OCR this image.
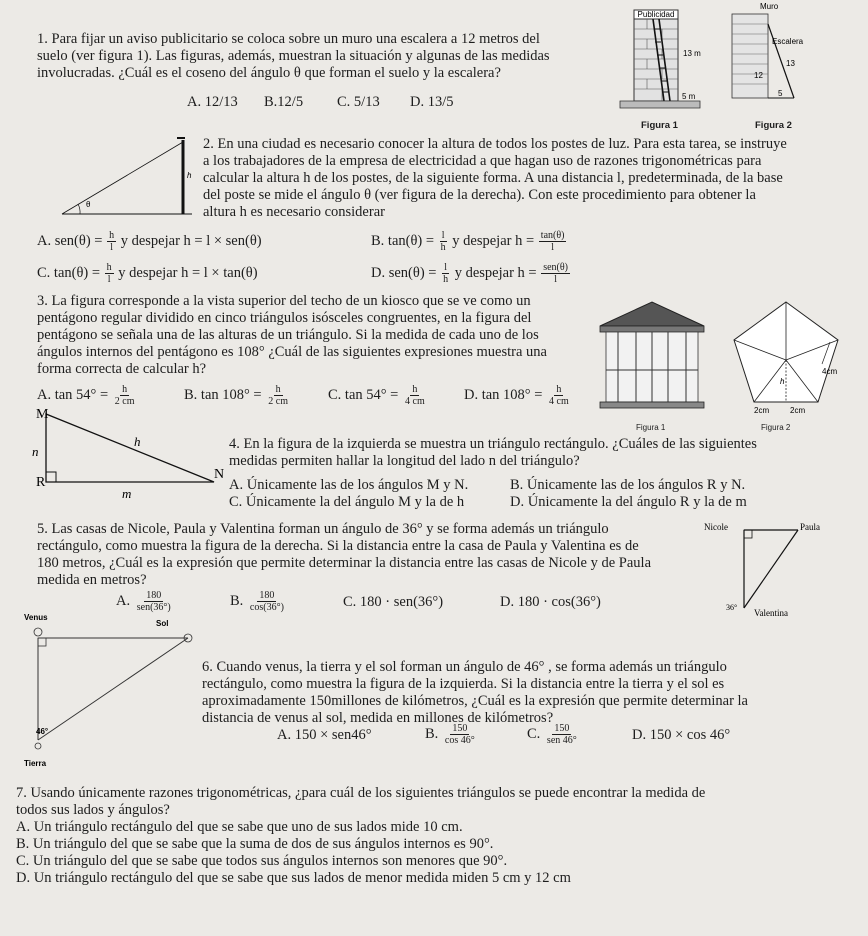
1. Para fijar un aviso publicitario se coloca sobre un muro una escalera a 12 metros del
suelo (ver figura 1). Las figuras, además, muestran la situación y algunas de las medidas
involucradas. ¿Cuál es el coseno del ángulo θ que forman el suelo y la escalera?
A. 12/13 B.12/5 C. 5/13 D. 13/5
Publicidad
13 m
5 m
Figura 1
Muro
Escalera
13
12
5
Figura 2
θ
h
2. En una ciudad es necesario conocer la altura de todos los postes de luz. Para esta tarea, se instruye
a los trabajadores de la empresa de electricidad a que hagan uso de razones trigonométricas para
calcular la altura h de los postes, de la siguiente forma. A una distancia l, predeterminada, de la base
del poste se mide el ángulo θ (ver figura de la derecha). Con este procedimiento para obtener la
altura h es necesario considerar
A. $sen(\theta) = \frac{h}{l}$ y despejar h = l × sen(θ)	B. $\tan(\theta) = \frac{l}{h}$ y despejar $h = \frac{\tan(\theta)}{l}$
C. $\tan(\theta) = \frac{h}{l}$ y despejar h = l × tan(θ)	D. $sen(\theta) = \frac{l}{h}$ y despejar $h = \frac{\text{sen(θ)}}{l}$
3. La figura corresponde a la vista superior del techo de un kiosco que se ve como un
pentágono regular dividido en cinco triángulos isósceles congruentes, en la figura del
pentágono se señala una de las alturas de un triángulo. Si la medida de cada uno de los
ángulos internos del pentágono es 108° ¿Cuál de las siguientes expresiones muestra una
forma correcta de calcular h?
A. $\tan 54^\circ = \frac{h}{2 cm}$	B. $\tan 108^\circ = \frac{h}{2 cm}$	C. $\tan 54^\circ = \frac{h}{4 cm}$	D. $\tan 108^\circ = \frac{h}{4 cm}$
Figura 1
4cm
h
2cm	2cm
Figura 2
M
n
h
R
m
N
4. En la figura de la izquierda se muestra un triángulo rectángulo. ¿Cuáles de las siguientes
medidas permiten hallar la longitud del lado n del triángulo?
A. Únicamente las de los ángulos M y N.	B. Únicamente las de los ángulos R y N.
C. Únicamente la del ángulo M y la de h	D. Únicamente la del ángulo R y la de m
5. Las casas de Nicole, Paula y Valentina forman un ángulo de 36° y se forma además un triángulo
rectángulo, como muestra la figura de la derecha. Si la distancia entre la casa de Paula y Valentina es de
180 metros, ¿Cuál es la expresión que permite determinar la distancia entre las casas de Nicole y de Paula
medida en metros?
A. $\frac{180}{\text{sen(36°)}}$	B. $\frac{180}{\cos(36^\circ)}$	C. 180 · sen(36°)	D. 180 · cos(36°)
Nicole	Paula
36°
Valentina
Venus
Sol
46°
Tierra
6. Cuando venus, la tierra y el sol forman un ángulo de 46° , se forma además un triángulo
rectángulo, como muestra la figura de la izquierda. Si la distancia entre la tierra y el sol es
aproximadamente 150millones de kilómetros, ¿Cuál es la expresión que permite determinar la
distancia de venus al sol, medida en millones de kilómetros?
A. 150 × sen46°	B. $\frac{150}{\cos 46^\circ}$	C. $\frac{150}{\text{sen 46°}}$	D. 150 × cos 46°
7. Usando únicamente razones trigonométricas, ¿para cuál de los siguientes triángulos se puede encontrar la medida de
todos sus lados y ángulos?
A. Un triángulo rectángulo del que se sabe que uno de sus lados mide 10 cm.
B. Un triángulo del que se sabe que la suma de dos de sus ángulos internos es 90°.
C. Un triángulo del que se sabe que todos sus ángulos internos son menores que 90°.
D. Un triángulo rectángulo del que se sabe que sus lados de menor medida miden 5 cm y 12 cm
